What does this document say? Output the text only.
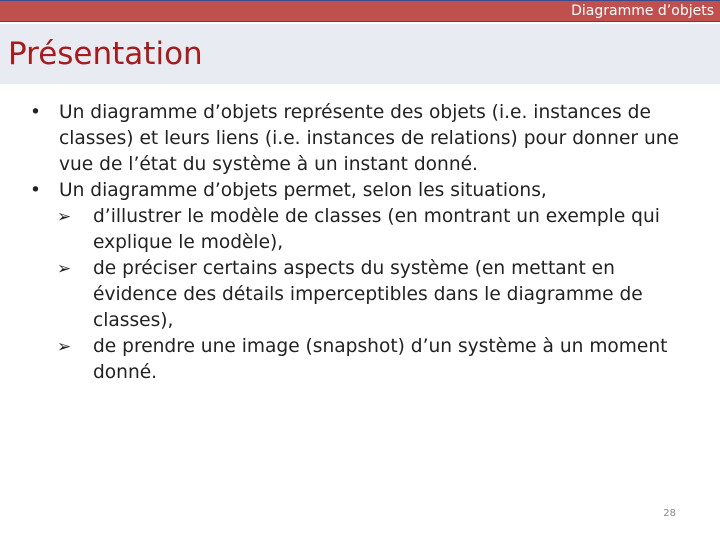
Diagramme d’objets
Présentation

• Un diagramme d’objets représente des objets (i.e. instances de classes) et leurs liens (i.e. instances de relations) pour donner une vue de l’état du système à un instant donné.

• Un diagramme d’objets permet, selon les situations,

➢ d’illustrer le modèle de classes (en montrant un exemple qui explique le modèle),

➢ de préciser certains aspects du système (en mettant en évidence des détails imperceptibles dans le diagramme de classes),

➢ de prendre une image (snapshot) d’un système à un moment donné.

28
